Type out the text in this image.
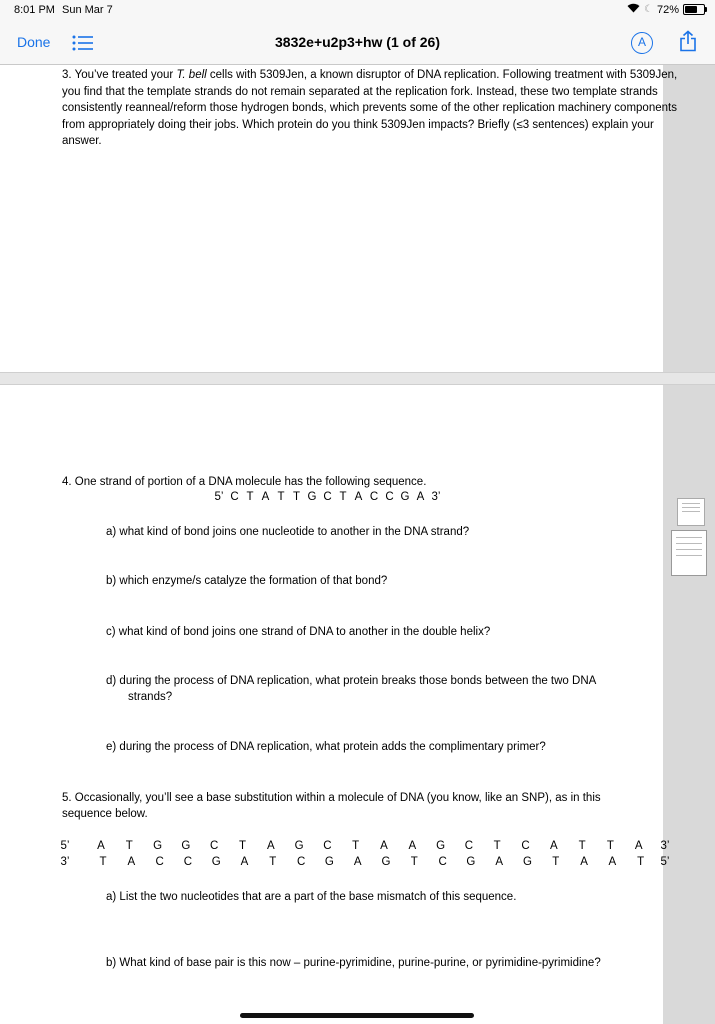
8:01 PM Sun Mar 7	☾ 72%
Done	3832e+u2p3+hw (1 of 26)	A
3. You’ve treated your T. bell cells with 5309Jen, a known disruptor of DNA replication. Following treatment with 5309Jen, you find that the template strands do not remain separated at the replication fork. Instead, these two template strands consistently reanneal/reform those hydrogen bonds, which prevents some of the other replication machinery components from appropriately doing their jobs. Which protein do you think 5309Jen impacts? Briefly (≤3 sentences) explain your answer.
4. One strand of portion of a DNA molecule has the following sequence.
5’ C T A T T G C T A C C G A 3’
a) what kind of bond joins one nucleotide to another in the DNA strand?
b) which enzyme/s catalyze the formation of that bond?
c) what kind of bond joins one strand of DNA to another in the double helix?
d) during the process of DNA replication, what protein breaks those bonds between the two DNA
strands?
e) during the process of DNA replication, what protein adds the complimentary primer?
5. Occasionally, you’ll see a base substitution within a molecule of DNA (you know, like an SNP), as in this sequence below.
5’ A	T	G G C	T	A G C	T	A A G C	T	C A	T	T	A 3’
3’	T	A C C G A	T	C G A G	T	C G A G	T	A A	T	5’
a) List the two nucleotides that are a part of the base mismatch of this sequence.
b) What kind of base pair is this now – purine-pyrimidine, purine-purine, or pyrimidine-pyrimidine?
